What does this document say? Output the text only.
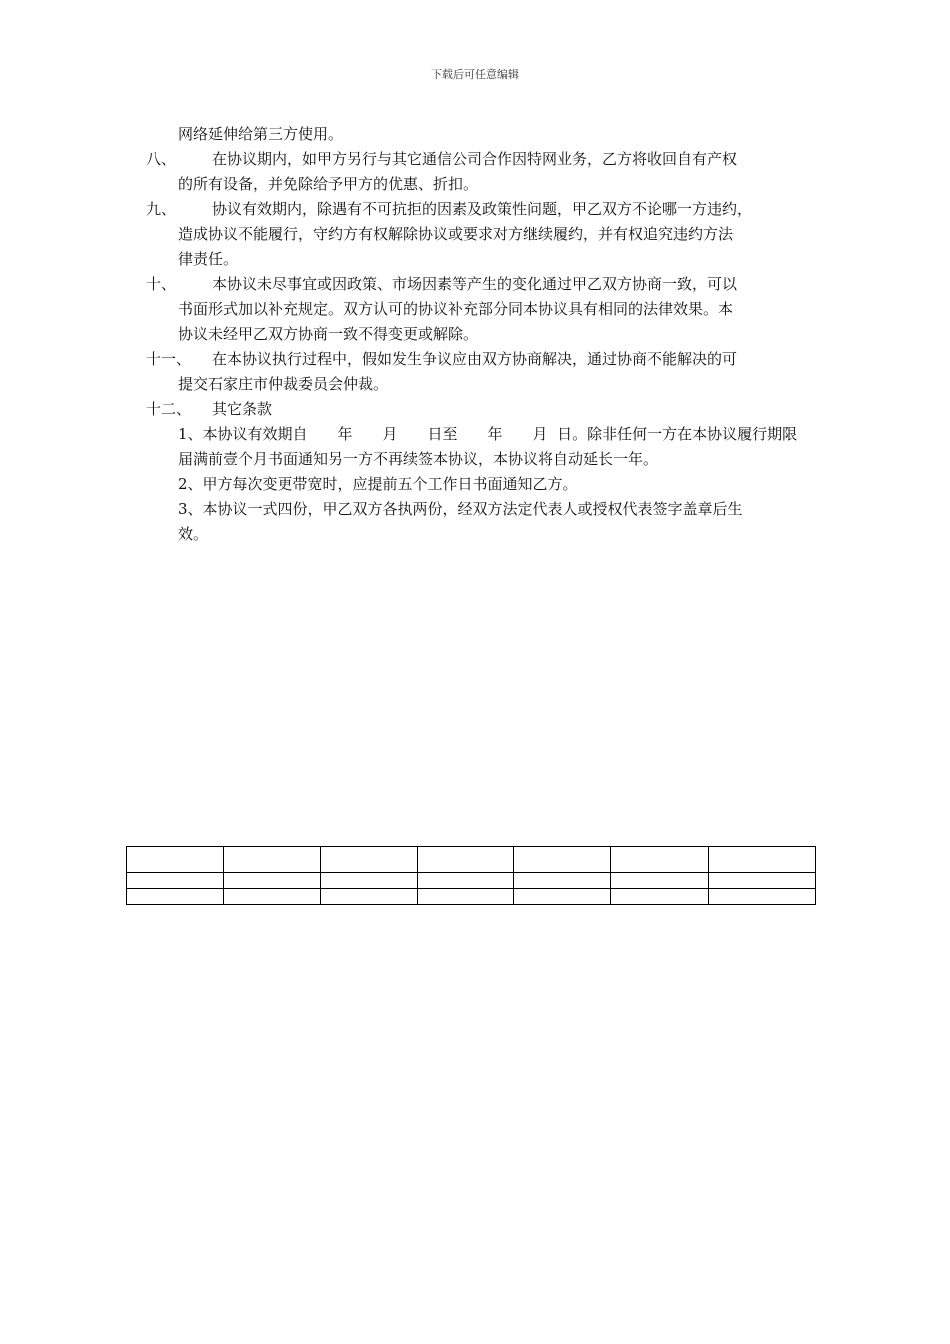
下载后可任意编辑
网络延伸给第三方使用。
八、	在协议期内，如甲方另行与其它通信公司合作因特网业务，乙方将收回自有产权
的所有设备，并免除给予甲方的优惠、折扣。
九、	协议有效期内，除遇有不可抗拒的因素及政策性问题，甲乙双方不论哪一方违约，
造成协议不能履行，守约方有权解除协议或要求对方继续履约，并有权追究违约方法
律责任。
十、	本协议未尽事宜或因政策、市场因素等产生的变化通过甲乙双方协商一致，可以
书面形式加以补充规定。双方认可的协议补充部分同本协议具有相同的法律效果。本
协议未经甲乙双方协商一致不得变更或解除。
十一、	在本协议执行过程中，假如发生争议应由双方协商解决，通过协商不能解决的可
提交石家庄市仲裁委员会仲裁。
十二、	其它条款
1、本协议有效期自　　年　　月　　日至　　年　　月  日。除非任何一方在本协议履行期限
届满前壹个月书面通知另一方不再续签本协议，本协议将自动延长一年。
2、甲方每次变更带宽时，应提前五个工作日书面通知乙方。
3、本协议一式四份，甲乙双方各执两份，经双方法定代表人或授权代表签字盖章后生
效。
